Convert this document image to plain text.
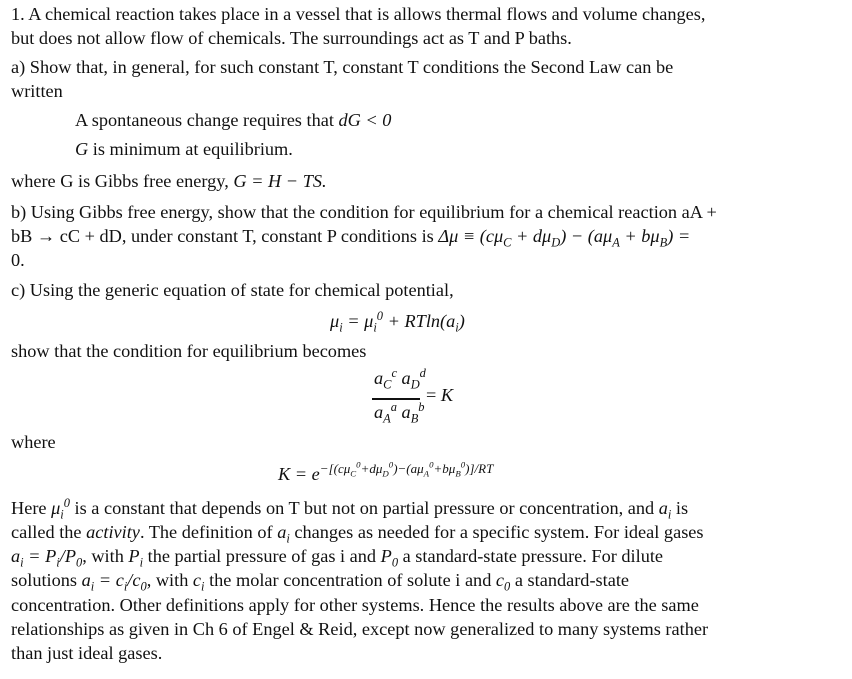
1. A chemical reaction takes place in a vessel that is allows thermal flows and volume changes,
but does not allow flow of chemicals. The surroundings act as T and P baths.
a) Show that, in general, for such constant T, constant T conditions the Second Law can be
written
A spontaneous change requires that dG < 0
G is minimum at equilibrium.
where G is Gibbs free energy, G = H − TS.
b) Using Gibbs free energy, show that the condition for equilibrium for a chemical reaction aA +
bB → cC + dD, under constant T, constant P conditions is $\Delta\mu \equiv (c\mu_C + d\mu_D) - (a\mu_A + b\mu_B)$ =
0.
c) Using the generic equation of state for chemical potential,
$\mu_i = \mu_i^0 + RTln(a_i)$
show that the condition for equilibrium becomes
$a_C^c$ $a_D^d$
$a_A^a$ $a_B^b$
= K
where
$K = e^{-[(c\mu_C^0+d\mu_D^0)-(a\mu_A^0+b\mu_B^0)]/RT}$
Here $\mu_i^0$ is a constant that depends on T but not on partial pressure or concentration, and $a_i$ is
called the activity. The definition of $a_i$ changes as needed for a specific system. For ideal gases
$a_i = P_i/P_0$, with $P_i$ the partial pressure of gas i and $P_0$ a standard-state pressure. For dilute
solutions $a_i = c_i/c_0$, with $c_i$ the molar concentration of solute i and $c_0$ a standard-state
concentration. Other definitions apply for other systems. Hence the results above are the same
relationships as given in Ch 6 of Engel & Reid, except now generalized to many systems rather
than just ideal gases.
